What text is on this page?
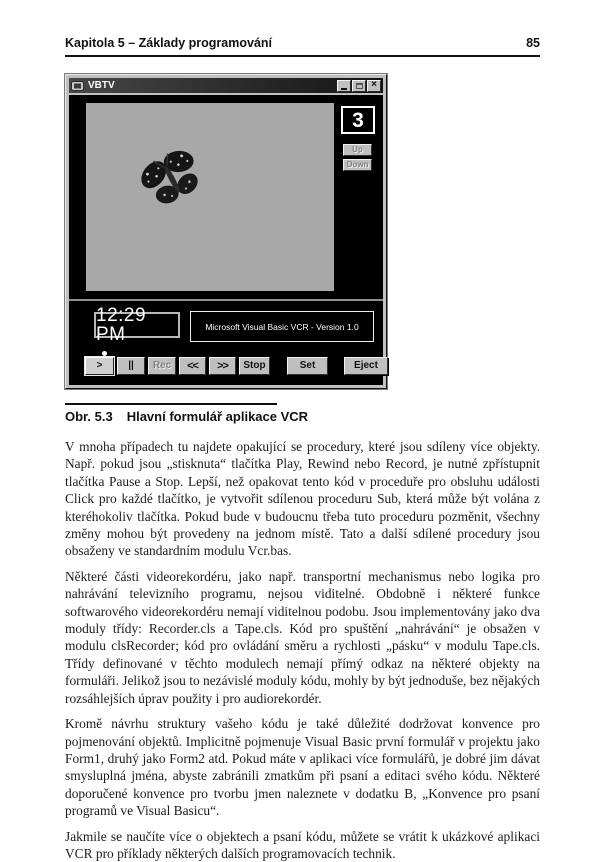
Kapitola 5 – Základy programování	85
VBTV	×
3
Up
Down
12:29 PM	Microsoft Visual Basic VCR - Version 1.0
>	||	Rec	<<	>>	Stop	Set	Eject
Obr. 5.3 Hlavní formulář aplikace VCR

V mnoha případech tu najdete opakující se procedury, které jsou sdíleny více objekty. Např. pokud jsou „stisknuta“ tlačítka Play, Rewind nebo Record, je nutné zpřístupnit tlačítka Pause a Stop. Lepší, než opakovat tento kód v proceduře pro obsluhu události Click pro každé tlačítko, je vytvořit sdílenou proceduru Sub, která může být volána z kteréhokoliv tlačítka. Pokud bude v budoucnu třeba tuto proceduru pozměnit, všechny změny mohou být provedeny na jednom místě. Tato a další sdílené procedury jsou obsaženy ve standardním modulu Vcr.bas.

Některé části videorekordéru, jako např. transportní mechanismus nebo logika pro nahrávání televizního programu, nejsou viditelné. Obdobně i některé funkce softwarového videorekordéru nemají viditelnou podobu. Jsou implementovány jako dva moduly třídy: Recorder.cls a Tape.cls. Kód pro spuštění „nahrávání“ je obsažen v modulu clsRecorder; kód pro ovládání směru a rychlosti „pásku“ v modulu Tape.cls. Třídy definované v těchto modulech nemají přímý odkaz na některé objekty na formuláři. Jelikož jsou to nezávislé moduly kódu, mohly by být jednoduše, bez nějakých rozsáhlejších úprav použity i pro audiorekordér.

Kromě návrhu struktury vašeho kódu je také důležité dodržovat konvence pro pojmenování objektů. Implicitně pojmenuje Visual Basic první formulář v projektu jako Form1, druhý jako Form2 atd. Pokud máte v aplikaci více formulářů, je dobré jim dávat smysluplná jména, abyste zabránili zmatkům při psaní a editaci svého kódu. Některé doporučené konvence pro tvorbu jmen naleznete v dodatku B, „Konvence pro psaní programů ve Visual Basicu“.

Jakmile se naučíte více o objektech a psaní kódu, můžete se vrátit k ukázkové aplikaci VCR pro příklady některých dalších programovacích technik.
